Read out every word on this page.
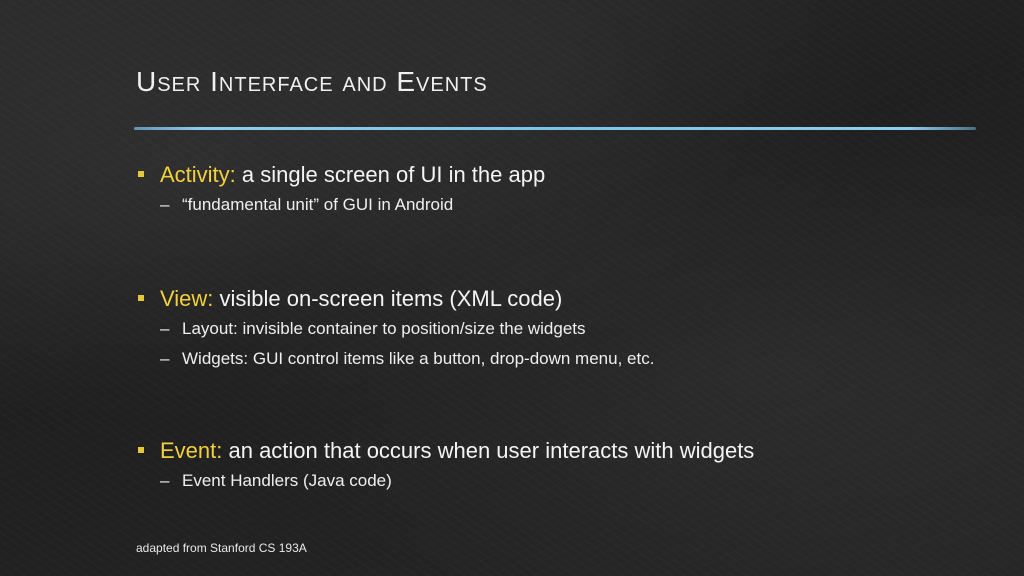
User Interface and Events
Activity: a single screen of UI in the app
– “fundamental unit” of GUI in Android
View: visible on-screen items (XML code)
– Layout: invisible container to position/size the widgets
– Widgets: GUI control items like a button, drop-down menu, etc.
Event: an action that occurs when user interacts with widgets
– Event Handlers (Java code)
adapted from Stanford CS 193A
